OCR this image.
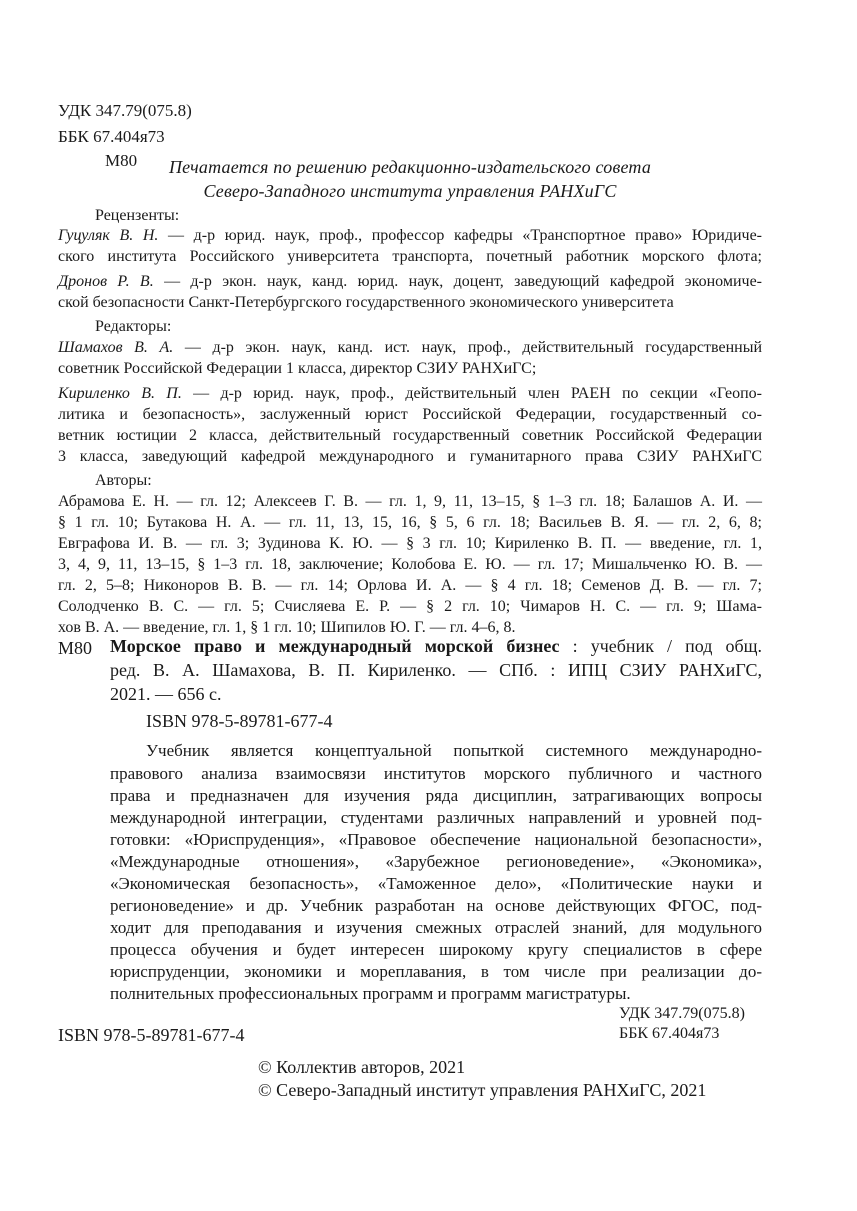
УДК 347.79(075.8)
ББК 67.404я73
М80	Печатается по решению редакционно-издательского совета
Северо-Западного института управления РАНХиГС
Рецензенты:
Гуцуляк В. Н. — д-р юрид. наук, проф., профессор кафедры «Транспортное право» Юридиче-
ского института Российского университета транспорта, почетный работник морского флота;
Дронов Р. В. — д-р экон. наук, канд. юрид. наук, доцент, заведующий кафедрой экономиче-
ской безопасности Санкт-Петербургского государственного экономического университета
Редакторы:
Шамахов В. А. — д-р экон. наук, канд. ист. наук, проф., действительный государственный
советник Российской Федерации 1 класса, директор СЗИУ РАНХиГС;
Кириленко В. П. — д-р юрид. наук, проф., действительный член РАЕН по секции «Геопо-
литика и безопасность», заслуженный юрист Российской Федерации, государственный со-
ветник юстиции 2 класса, действительный государственный советник Российской Федерации
3 класса, заведующий кафедрой международного и гуманитарного права СЗИУ РАНХиГС
Авторы:
Абрамова Е. Н. — гл. 12; Алексеев Г. В. — гл. 1, 9, 11, 13–15, § 1–3 гл. 18; Балашов А. И. —
§ 1 гл. 10; Бутакова Н. А. — гл. 11, 13, 15, 16, § 5, 6 гл. 18; Васильев В. Я. — гл. 2, 6, 8;
Евграфова И. В. — гл. 3; Зудинова К. Ю. — § 3 гл. 10; Кириленко В. П. — введение, гл. 1,
3, 4, 9, 11, 13–15, § 1–3 гл. 18, заключение; Колобова Е. Ю. — гл. 17; Мишальченко Ю. В. —
гл. 2, 5–8; Никоноров В. В. — гл. 14; Орлова И. А. — § 4 гл. 18; Семенов Д. В. — гл. 7;
Солодченко В. С. — гл. 5; Счисляева Е. Р. — § 2 гл. 10; Чимаров Н. С. — гл. 9; Шама-
хов В. А. — введение, гл. 1, § 1 гл. 10; Шипилов Ю. Г. — гл. 4–6, 8.
М80 Морское право и международный морской бизнес : учебник / под общ.
ред. В. А. Шамахова, В. П. Кириленко. — СПб. : ИПЦ СЗИУ РАНХиГС,
2021. — 656 с.
ISBN 978-5-89781-677-4
Учебник является концептуальной попыткой системного международно-
правового анализа взаимосвязи институтов морского публичного и частного
права и предназначен для изучения ряда дисциплин, затрагивающих вопросы
международной интеграции, студентами различных направлений и уровней под-
готовки: «Юриспруденция», «Правовое обеспечение национальной безопасности»,
«Международные отношения», «Зарубежное регионоведение», «Экономика»,
«Экономическая безопасность», «Таможенное дело», «Политические науки и
регионоведение» и др. Учебник разработан на основе действующих ФГОС, под-
ходит для преподавания и изучения смежных отраслей знаний, для модульного
процесса обучения и будет интересен широкому кругу специалистов в сфере
юриспруденции, экономики и мореплавания, в том числе при реализации до-
полнительных профессиональных программ и программ магистратуры.
УДК 347.79(075.8)
ББК 67.404я73
ISBN 978-5-89781-677-4
© Коллектив авторов, 2021
© Северо-Западный институт управления РАНХиГС, 2021
